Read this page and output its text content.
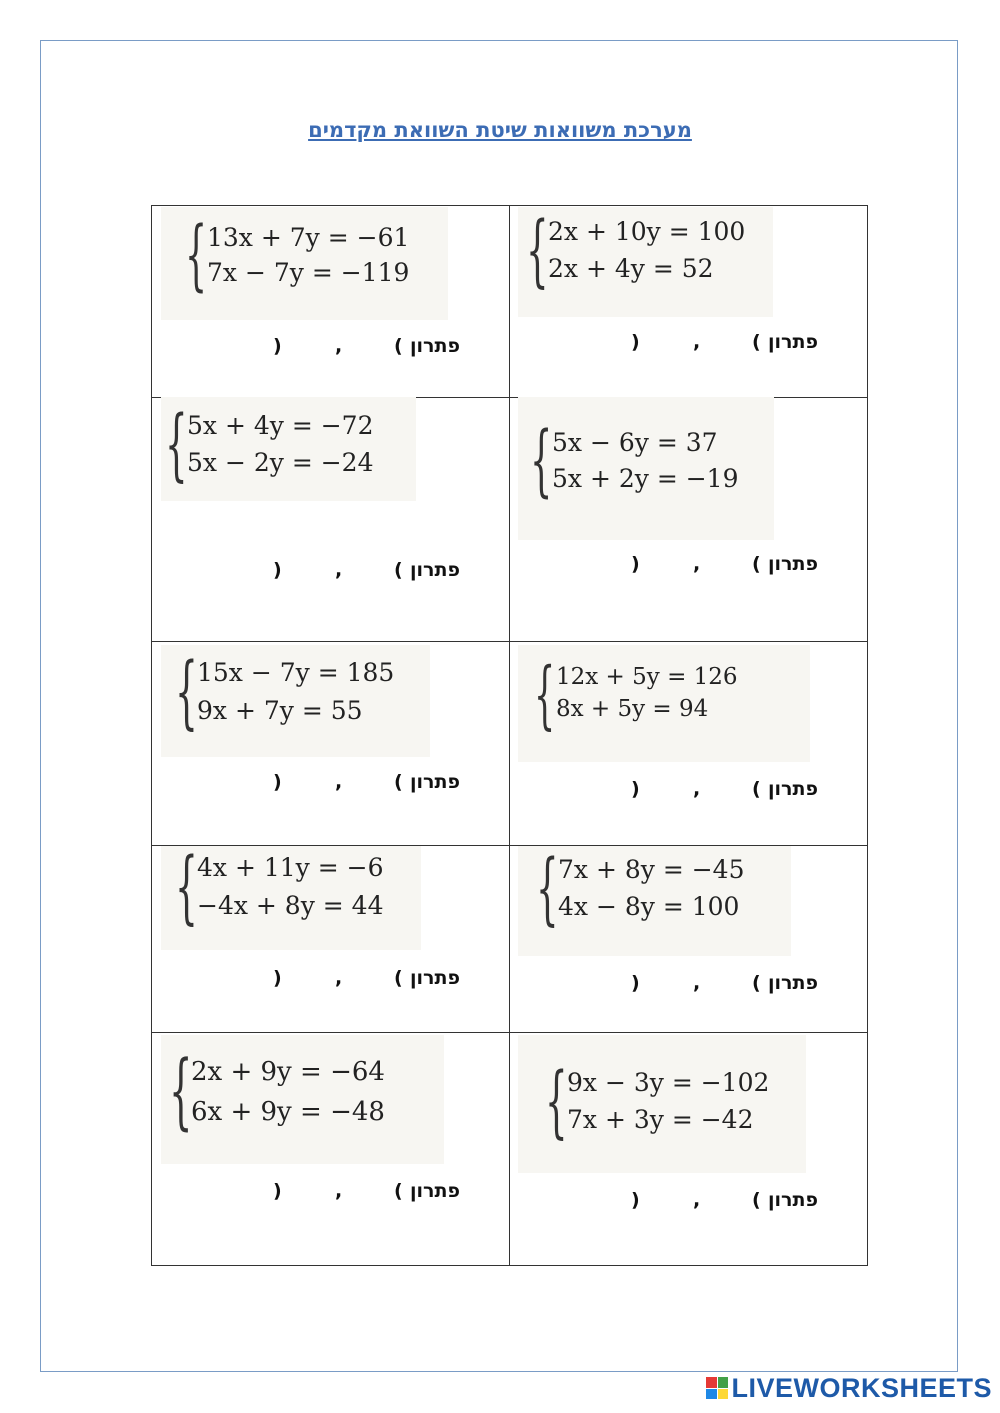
מערכת משוואות שיטת השוואת מקדמים
{ 13x + 7y = −61
7x − 7y = −119
)	,	( פתרון
{ 2x + 10y = 100
2x + 4y = 52
)	,	( פתרון
{ 5x + 4y = −72
5x − 2y = −24
)	,	( פתרון
{ 5x − 6y = 37
5x + 2y = −19
)	,	( פתרון
{ 15x − 7y = 185
9x + 7y = 55
)	,	( פתרון
{ 12x + 5y = 126
8x + 5y = 94
)	,	( פתרון
{ 4x + 11y = −6
−4x + 8y = 44
)	,	( פתרון
{ 7x + 8y = −45
4x − 8y = 100
)	,	( פתרון
{
2x + 9y = −64
6x + 9y = −48
)	,	( פתרון
{ 9x − 3y = −102
7x + 3y = −42
)	,	( פתרון
LIVEWORKSHEETS
